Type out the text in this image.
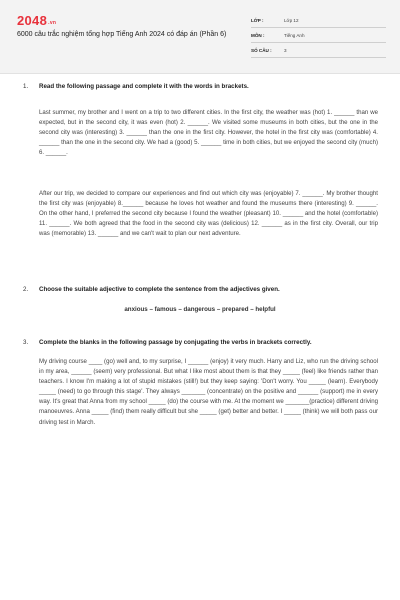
2048.vn
6000 câu trắc nghiệm tổng hợp Tiếng Anh 2024 có đáp án (Phần 6)
LỚP :	Lớp 12
MÔN :	Tiếng Anh
SỐ CÂU :	3
1. Read the following passage and complete it with the words in brackets.

Last summer, my brother and I went on a trip to two different cities. In the first city, the weather was (hot) 1. ______ than we expected, but in the second city, it was even (hot) 2. ______. We visited some museums in both cities, but the one in the second city was (interesting) 3. ______ than the one in the first city. However, the hotel in the first city was (comfortable) 4. ______ than the one in the second city. We had a (good) 5. ______ time in both cities, but we enjoyed the second city (much) 6. ______.

After our trip, we decided to compare our experiences and find out which city was (enjoyable) 7. ______. My brother thought the first city was (enjoyable) 8.______ because he loves hot weather and found the museums there (interesting) 9. ______. On the other hand, I preferred the second city because I found the weather (pleasant) 10. ______ and the hotel (comfortable) 11. ______. We both agreed that the food in the second city was (delicious) 12. ______ as in the first city. Overall, our trip was (memorable) 13. ______ and we can't wait to plan our next adventure.

2. Choose the suitable adjective to complete the sentence from the adjectives given.
anxious – famous – dangerous – prepared – helpful
3. Complete the blanks in the following passage by conjugating the verbs in brackets correctly.

My driving course ____ (go) well and, to my surprise, I ______ (enjoy) it very much. Harry and Liz, who run the driving school in my area, ______ (seem) very professional. But what I like most about them is that they _____ (feel) like friends rather than teachers. I know I'm making a lot of stupid mistakes (still!) but they keep saying: 'Don't worry. You _____ (learn). Everybody _____ (need) to go through this stage'. They always _______ (concentrate) on the positive and ______ (support) me in every way. It's great that Anna from my school _____ (do) the course with me. At the moment we _______(practice) different driving manoeuvres. Anna _____ (find) them really difficult but she _____ (get) better and better. I _____ (think) we will both pass our driving test in March.
